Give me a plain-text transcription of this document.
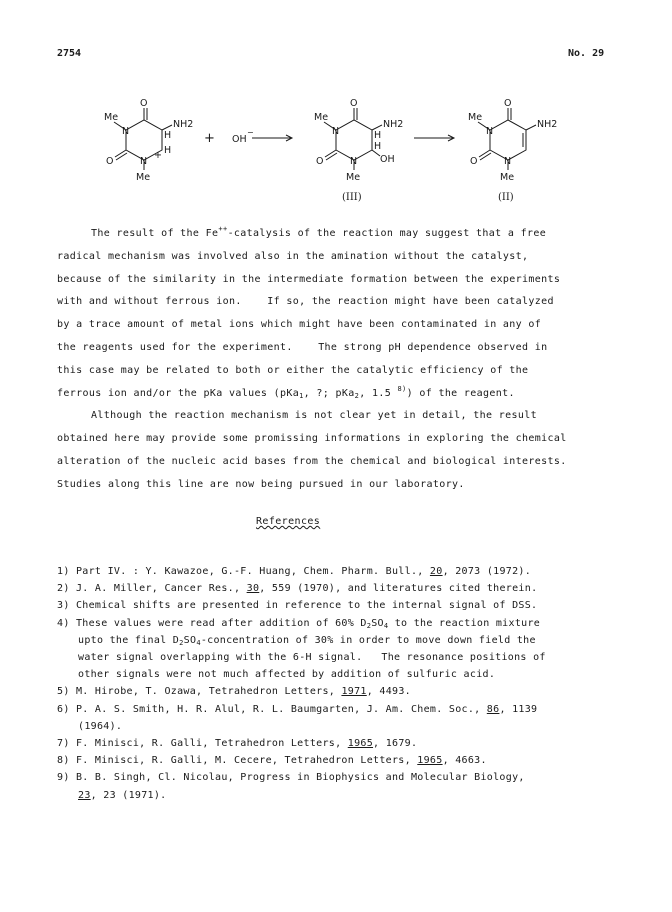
2754	No. 29
O
Me
N
NH2
H
H
+
O	N
Me
+ OH
−
O
Me
N
NH2
H
H
OH
O	N
Me
(III)
O
Me
N
NH2
O	N
Me
(II)

The result of the Fe++-catalysis of the reaction may suggest that a free

radical mechanism was involved also in the amination without the catalyst,

because of the similarity in the intermediate formation between the experiments

with and without ferrous ion.    If so, the reaction might have been catalyzed

by a trace amount of metal ions which might have been contaminated in any of

the reagents used for the experiment.    The strong pH dependence observed in

this case may be related to both or either the catalytic efficiency of the

ferrous ion and/or the pKa values (pKa$_1$, ?; pKa$_2$, 1.5 $^{8)}$) of the reagent.

Although the reaction mechanism is not clear yet in detail, the result

obtained here may provide some promissing informations in exploring the chemical

alteration of the nucleic acid bases from the chemical and biological interests.

Studies along this line are now being pursued in our laboratory.

References

1) Part IV. : Y. Kawazoe, G.-F. Huang, Chem. Pharm. Bull., 20, 2073 (1972).

2) J. A. Miller, Cancer Res., 30, 559 (1970), and literatures cited therein.

3) Chemical shifts are presented in reference to the internal signal of DSS.

4) These values were read after addition of 60% $D_2SO_4$ to the reaction mixture

upto the final $D_2SO_4$-concentration of 30% in order to move down field the

water signal overlapping with the 6-H signal.   The resonance positions of

other signals were not much affected by addition of sulfuric acid.

5) M. Hirobe, T. Ozawa, Tetrahedron Letters, 1971, 4493.

6) P. A. S. Smith, H. R. Alul, R. L. Baumgarten, J. Am. Chem. Soc., 86, 1139

(1964).

7) F. Minisci, R. Galli, Tetrahedron Letters, 1965, 1679.

8) F. Minisci, R. Galli, M. Cecere, Tetrahedron Letters, 1965, 4663.

9) B. B. Singh, Cl. Nicolau, Progress in Biophysics and Molecular Biology,

23, 23 (1971).
